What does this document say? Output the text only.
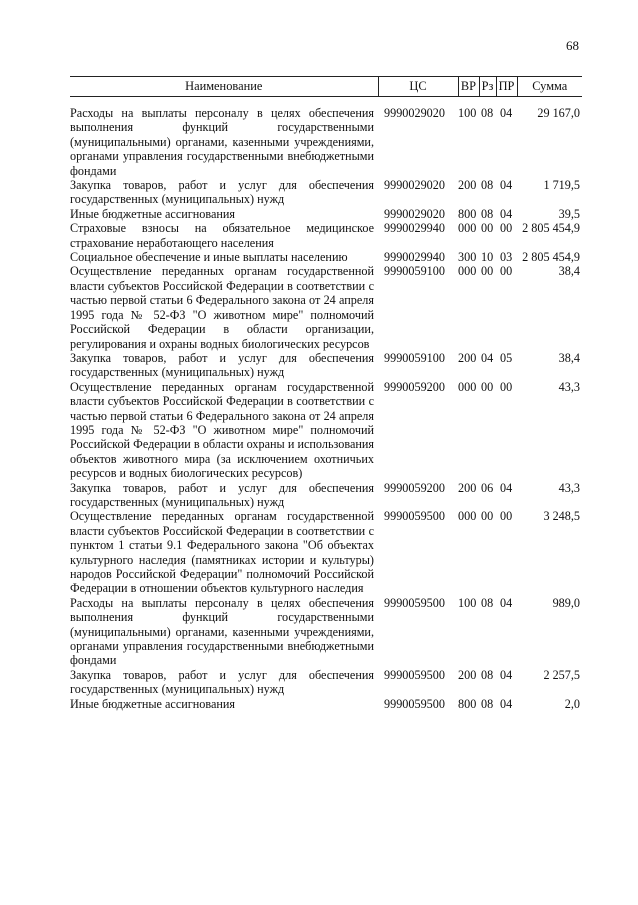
68
Наименование	ЦС	ВР	Рз	ПР	Сумма
Расходы на выплаты персоналу в целях обеспечения выполнения функций государственными (муниципальными) органами, казенными учреждениями, органами управления государственными внебюджетными фондами	9990029020	100	08	04	29 167,0
Закупка товаров, работ и услуг для обеспечения государственных (муниципальных) нужд	9990029020	200	08	04	1 719,5
Иные бюджетные ассигнования	9990029020	800	08	04	39,5
Страховые взносы на обязательное медицинское страхование неработающего населения	9990029940	000	00	00	2 805 454,9
Социальное обеспечение и иные выплаты населению	9990029940	300	10	03	2 805 454,9
Осуществление переданных органам государственной власти субъектов Российской Федерации в соответствии с частью первой статьи 6 Федерального закона от 24 апреля 1995 года № 52-ФЗ "О животном мире" полномочий Российской Федерации в области организации, регулирования и охраны водных биологических ресурсов	9990059100	000	00	00	38,4
Закупка товаров, работ и услуг для обеспечения государственных (муниципальных) нужд	9990059100	200	04	05	38,4
Осуществление переданных органам государственной власти субъектов Российской Федерации в соответствии с частью первой статьи 6 Федерального закона от 24 апреля 1995 года № 52-ФЗ "О животном мире" полномочий Российской Федерации в области охраны и использования объектов животного мира (за исключением охотничьих ресурсов и водных биологических ресурсов)	9990059200	000	00	00	43,3
Закупка товаров, работ и услуг для обеспечения государственных (муниципальных) нужд	9990059200	200	06	04	43,3
Осуществление переданных органам государственной власти субъектов Российской Федерации в соответствии с пунктом 1 статьи 9.1 Федерального закона "Об объектах культурного наследия (памятниках истории и культуры) народов Российской Федерации" полномочий Российской Федерации в отношении объектов культурного наследия	9990059500	000	00	00	3 248,5
Расходы на выплаты персоналу в целях обеспечения выполнения функций государственными (муниципальными) органами, казенными учреждениями, органами управления государственными внебюджетными фондами	9990059500	100	08	04	989,0
Закупка товаров, работ и услуг для обеспечения государственных (муниципальных) нужд	9990059500	200	08	04	2 257,5
Иные бюджетные ассигнования	9990059500	800	08	04	2,0
